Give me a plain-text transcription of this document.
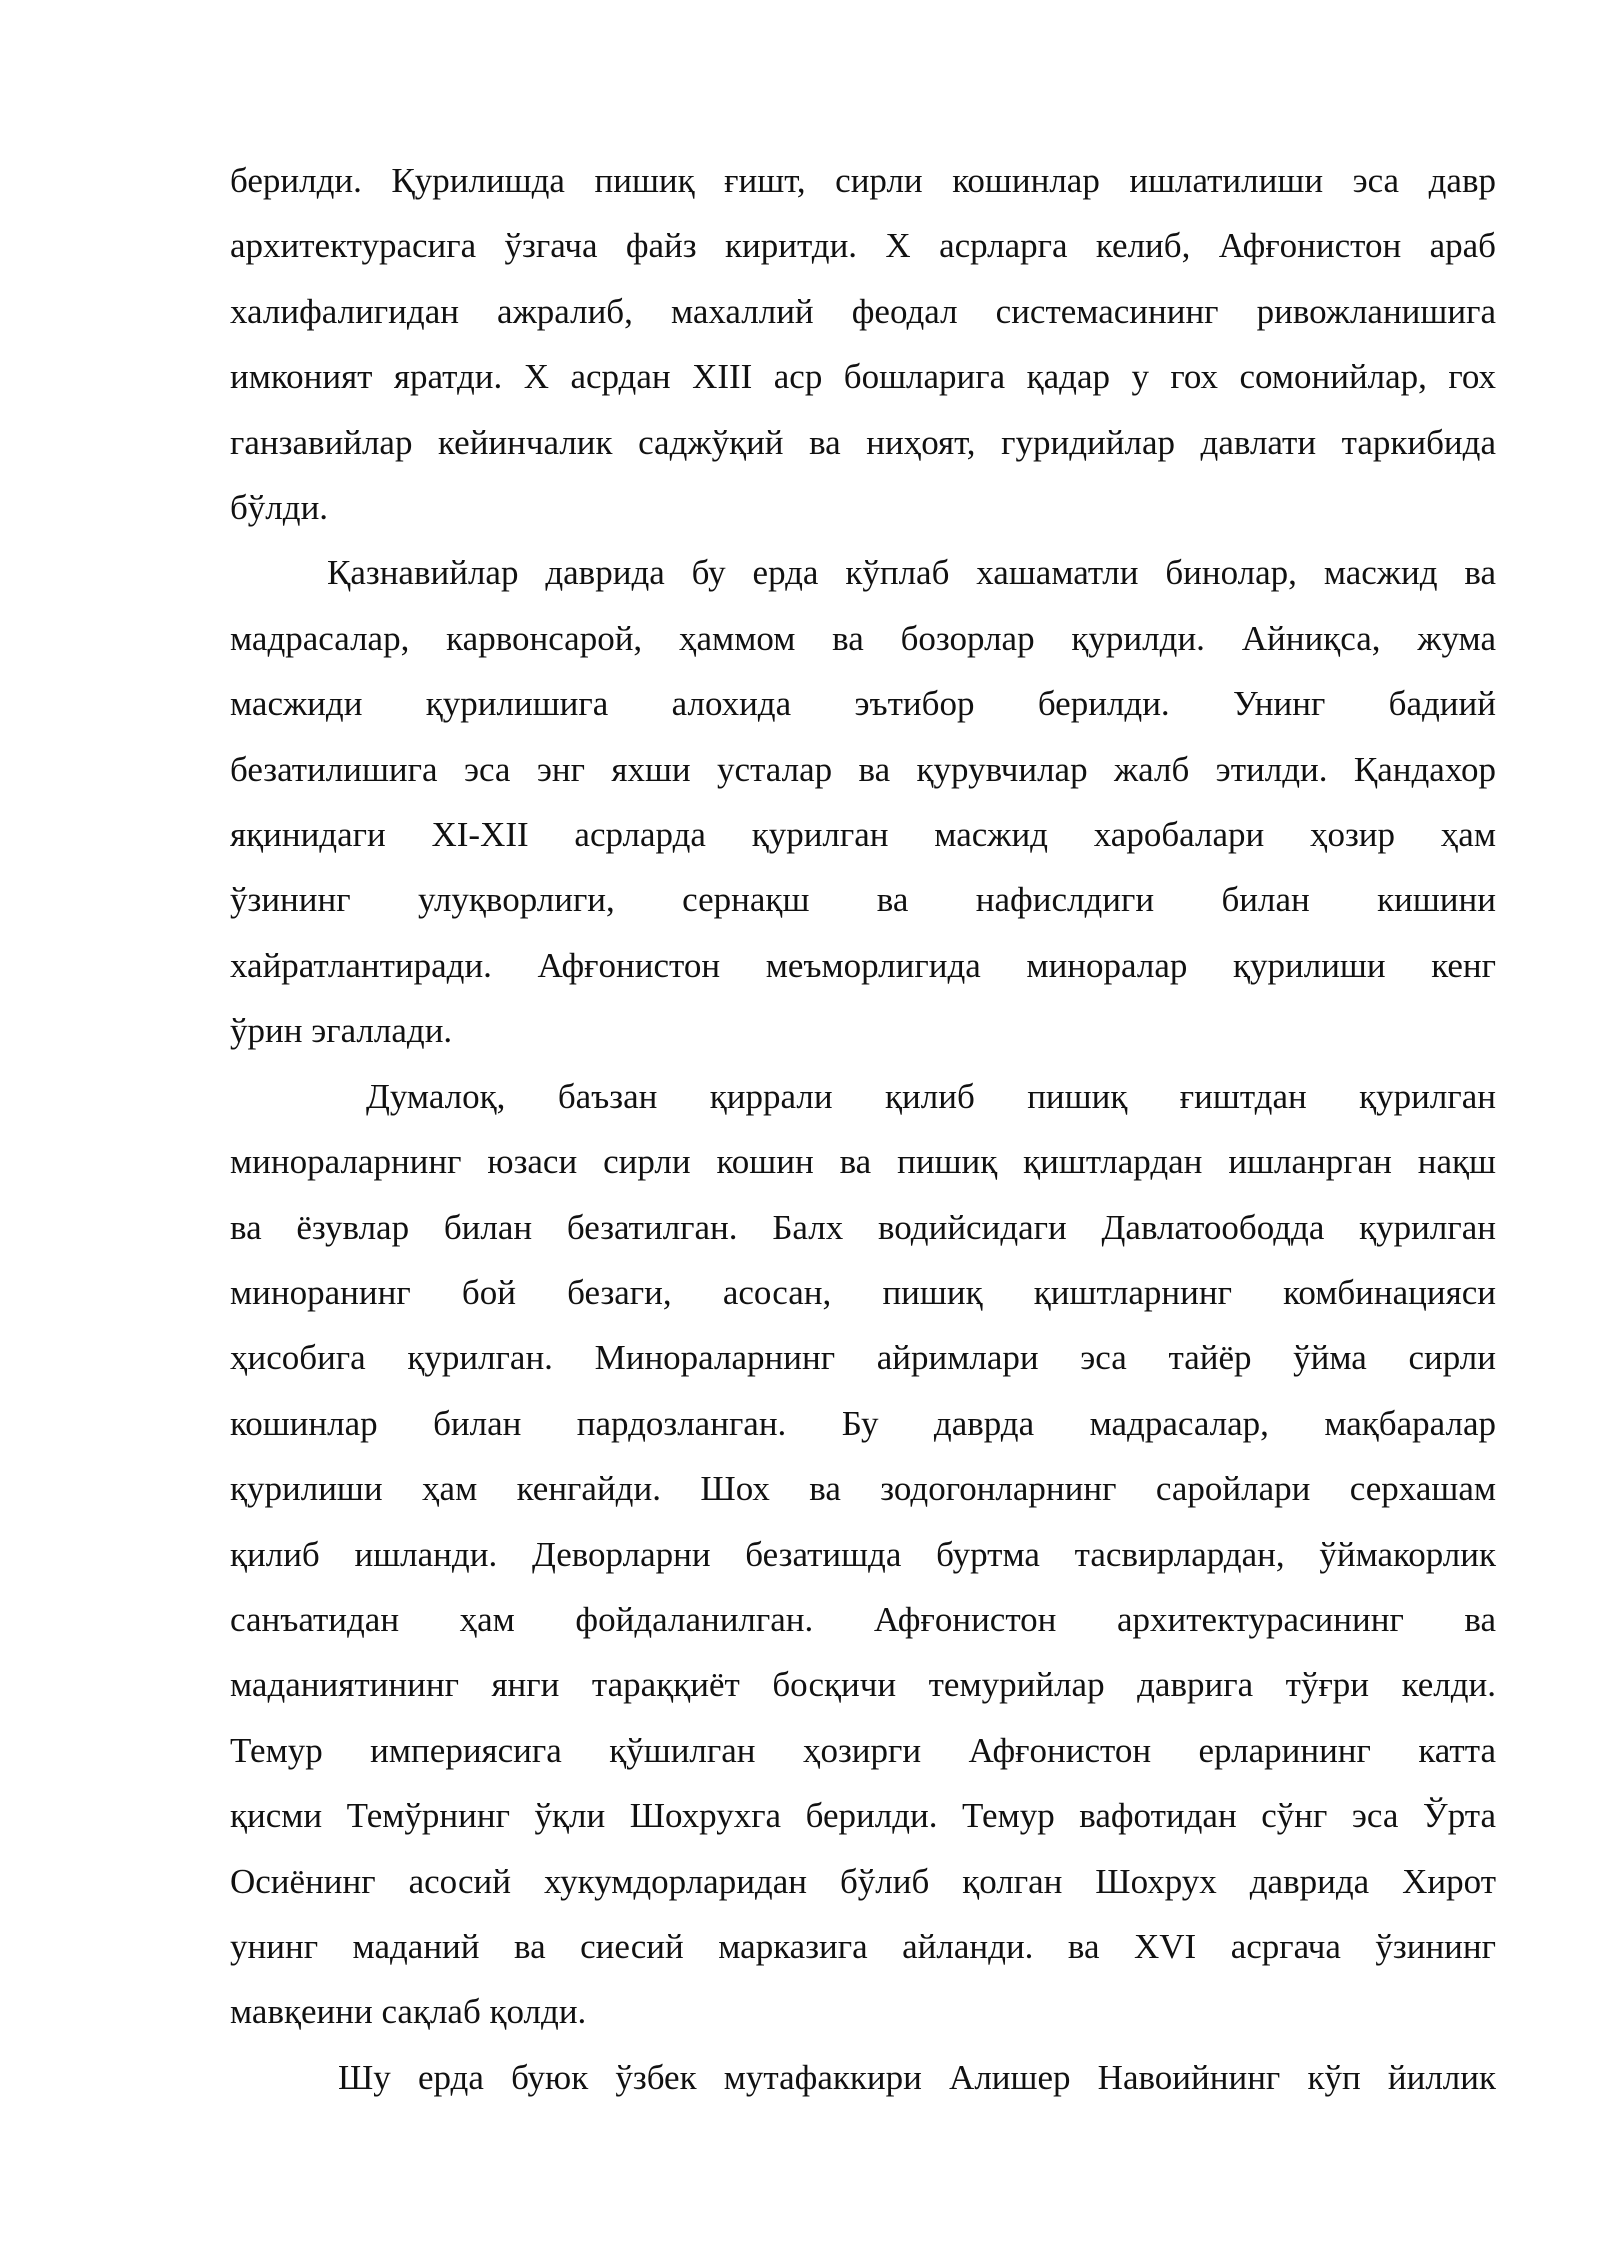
берилди. Қурилишда пишиқ ғишт, сирли кошинлар ишлатилиши эса давр
архитектурасига ўзгача файз киритди. Х асрларга келиб, Афғонистон араб
халифалигидан ажралиб, махаллий феодал системасининг ривожланишига
имконият яратди. Х асрдан XIII аср бошларига қадар у гох сомонийлар, гох
ганзавийлар кейинчалик саджўқий ва ниҳоят, гуридийлар давлати таркибида
бўлди.
Қазнавийлар даврида бу ерда кўплаб хашаматли бинолар, масжид ва
мадрасалар, карвонсарой, ҳаммом ва бозорлар қурилди. Айниқса, жума
масжиди қурилишига алохида эътибор берилди. Унинг бадиий
безатилишига эса энг яхши усталар ва қурувчилар жалб этилди. Қандахор
яқинидаги XI-XII асрларда қурилган масжид харобалари ҳозир ҳам
ўзининг улуқворлиги, сернақш ва нафислдиги билан кишини
хайратлантиради. Афғонистон меъморлигида миноралар қурилиши кенг
ўрин эгаллади.
Думалоқ, баъзан қиррали қилиб пишиқ ғиштдан қурилган
минораларнинг юзаси сирли кошин ва пишиқ қиштлардан ишланрган нақш
ва ёзувлар билан безатилган. Балх водийсидаги Давлатоободда қурилган
миноранинг бой безаги, асосан, пишиқ қиштларнинг комбинацияси
ҳисобига қурилган. Минораларнинг айримлари эса тайёр ўйма сирли
кошинлар билан пардозланган. Бу даврда мадрасалар, мақбаралар
қурилиши ҳам кенгайди. Шох ва зодогонларнинг саройлари серхашам
қилиб ишланди. Деворларни безатишда буртма тасвирлардан, ўймакорлик
санъатидан ҳам фойдаланилган. Афғонистон архитектурасининг ва
маданиятининг янги тараққиёт босқичи темурийлар даврига тўғри келди.
Темур империясига қўшилган ҳозирги Афғонистон ерларининг катта
қисми Темўрнинг ўқли Шохрухга берилди. Темур вафотидан сўнг эса Ўрта
Осиёнинг асосий хукумдорларидан бўлиб қолган Шохрух даврида Хирот
унинг маданий ва сиесий марказига айланди. ва XVI асргача ўзининг
мавқеини сақлаб қолди.
Шу ерда буюк ўзбек мутафаккири Алишер Навоийнинг кўп йиллик
